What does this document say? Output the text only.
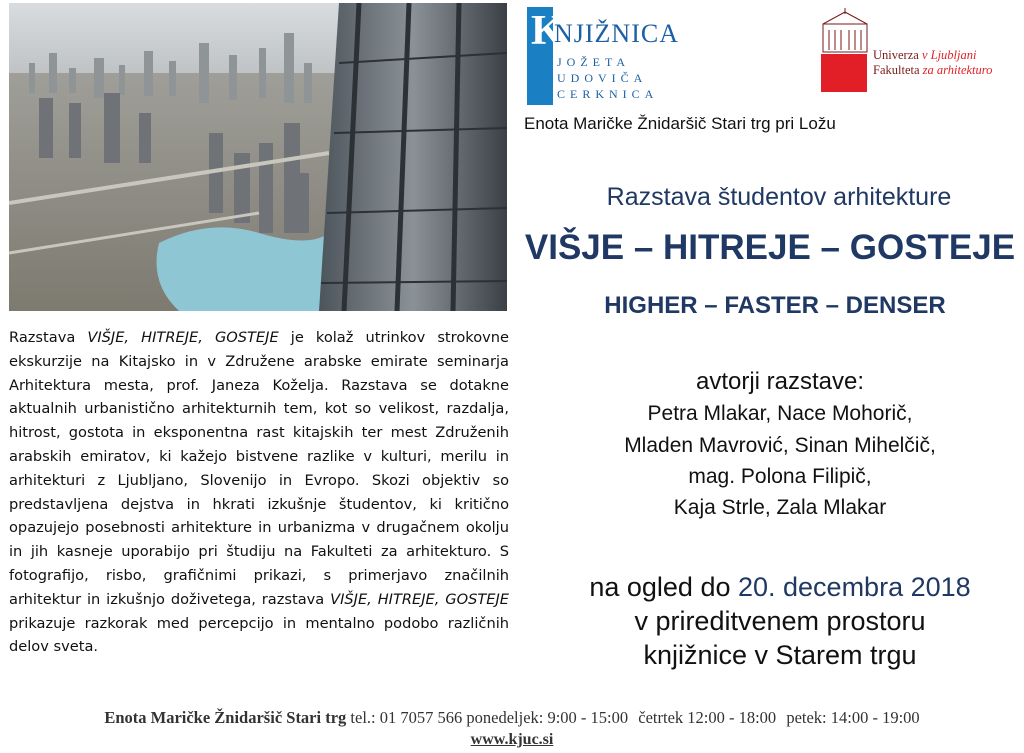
K
NJIŽNICA
JOŽETA
UDOVIČA
CERKNICA
Univerza v Ljubljani
Fakulteta za arhitekturo
Enota Maričke Žnidaršič Stari trg pri Ložu
Razstava študentov arhitekture
VIŠJE – HITREJE – GOSTEJE
HIGHER – FASTER – DENSER
avtorji razstave:
Petra Mlakar, Nace Mohorič,
Mladen Mavrović, Sinan Mihelčič,
mag. Polona Filipič,
Kaja Strle, Zala Mlakar
na ogled do 20. decembra 2018
v prireditvenem prostoru
knjižnice v Starem trgu
Razstava VIŠJE, HITREJE, GOSTEJE je kolaž utrinkov strokovne ekskurzije na Kitajsko in v Združene arabske emirate seminarja Arhitektura mesta, prof. Janeza Koželja. Razstava se dotakne aktualnih urbanistično arhitekturnih tem, kot so velikost, razdalja, hitrost, gostota in eksponentna rast kitajskih ter mest Združenih arabskih emiratov, ki kažejo bistvene razlike v kulturi, merilu in arhitekturi z Ljubljano, Slovenijo in Evropo. Skozi objektiv so predstavljena dejstva in hkrati izkušnje študentov, ki kritično opazujejo posebnosti arhitekture in urbanizma v drugačnem okolju in jih kasneje uporabijo pri študiju na Fakulteti za arhitekturo. S fotografijo, risbo, grafičnimi prikazi, s primerjavo značilnih arhitektur in izkušnjo doživetega, razstava VIŠJE, HITREJE, GOSTEJE prikazuje razkorak med percepcijo in mentalno podobo različnih delov sveta.
Enota Maričke Žnidaršič Stari trg tel.: 01 7057 566 ponedeljek: 9:00 - 15:00 četrtek 12:00 - 18:00 petek: 14:00 - 19:00
www.kjuc.si
